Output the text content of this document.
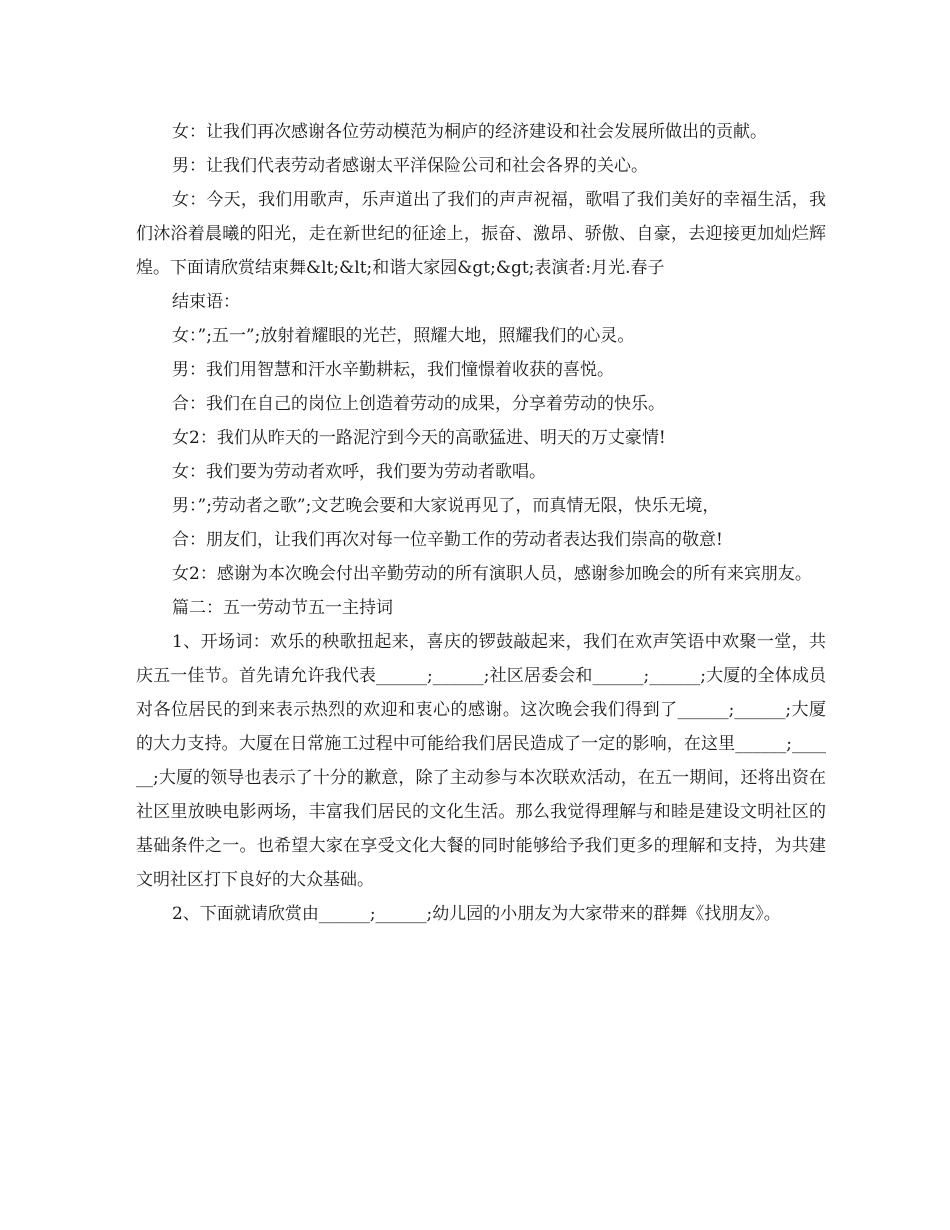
女：让我们再次感谢各位劳动模范为桐庐的经济建设和社会发展所做出的贡献。

男：让我们代表劳动者感谢太平洋保险公司和社会各界的关心。

女：今天，我们用歌声，乐声道出了我们的声声祝福，歌唱了我们美好的幸福生活，我们沐浴着晨曦的阳光，走在新世纪的征途上，振奋、激昂、骄傲、自豪，去迎接更加灿烂辉煌。下面请欣赏结束舞&lt;&lt;和谐大家园&gt;&gt;表演者:月光.春子

结束语：

女：”;五一”;放射着耀眼的光芒，照耀大地，照耀我们的心灵。

男：我们用智慧和汗水辛勤耕耘，我们憧憬着收获的喜悦。

合：我们在自己的岗位上创造着劳动的成果，分享着劳动的快乐。

女2：我们从昨天的一路泥泞到今天的高歌猛进、明天的万丈豪情!

女：我们要为劳动者欢呼，我们要为劳动者歌唱。

男：”;劳动者之歌”;文艺晚会要和大家说再见了，而真情无限，快乐无境，

合：朋友们，让我们再次对每一位辛勤工作的劳动者表达我们崇高的敬意!

女2：感谢为本次晚会付出辛勤劳动的所有演职人员，感谢参加晚会的所有来宾朋友。

篇二：五一劳动节五一主持词

1、开场词：欢乐的秧歌扭起来，喜庆的锣鼓敲起来，我们在欢声笑语中欢聚一堂，共庆五一佳节。首先请允许我代表______;______;社区居委会和______;______;大厦的全体成员对各位居民的到来表示热烈的欢迎和衷心的感谢。这次晚会我们得到了______;______;大厦的大力支持。大厦在日常施工过程中可能给我们居民造成了一定的影响，在这里______;______;大厦的领导也表示了十分的歉意，除了主动参与本次联欢活动，在五一期间，还将出资在社区里放映电影两场，丰富我们居民的文化生活。那么我觉得理解与和睦是建设文明社区的基础条件之一。也希望大家在享受文化大餐的同时能够给予我们更多的理解和支持，为共建文明社区打下良好的大众基础。

2、下面就请欣赏由______;______;幼儿园的小朋友为大家带来的群舞《找朋友》。
